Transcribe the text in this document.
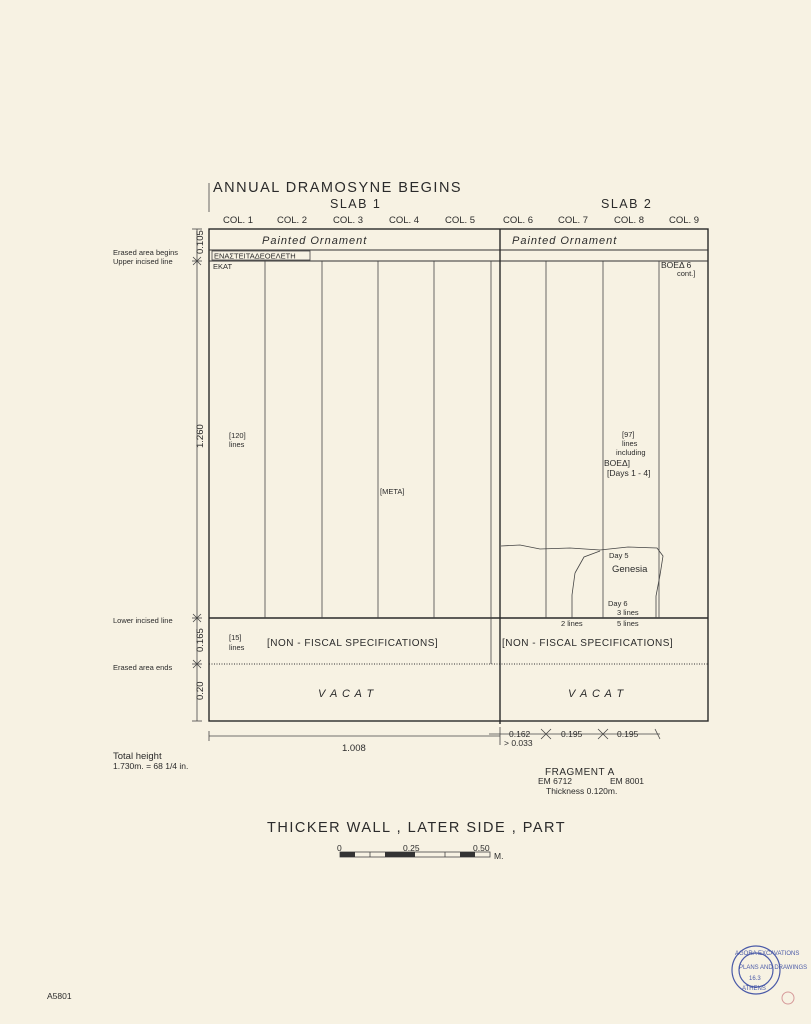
ANNUAL DRAMOSYNE BEGINS
SLAB 1	SLAB 2
COL. 1	COL. 2	COL. 3	COL. 4	COL. 5	COL. 6	COL. 7	COL. 8	COL. 9
Painted Ornament	Painted Ornament
ΕΝΑΣΤΕΙΤΑΔΕΟΕΛΕΤΗ
ΕΚΑΤ	ΒΟΕΔ 6
cont.]
[120]
lines
[97]
lines
including
ΒΟΕΔ]
[Days 1 - 4]
[META]
Day 5
Genesia
Day 6
3 lines
2 lines	5 lines
[15]
lines [NON - FISCAL SPECIFICATIONS]	[NON - FISCAL SPECIFICATIONS]
V A C A T	V A C A T
Erased area begins
Upper incised line
Lower incised line
Erased area ends
0.105
1.260
0.165
0.20
1.008
0.162
> 0.033
0.195	0.195
Total height
1.730m. = 68 1/4 in.
FRAGMENT A
EM 6712	EM 8001
Thickness 0.120m.
THICKER WALL , LATER SIDE , PART
0	0.25	0.50
M.
A5801
AGORA EXCAVATIONS
PLANS AND DRAWINGS
ATHENS
16.3
